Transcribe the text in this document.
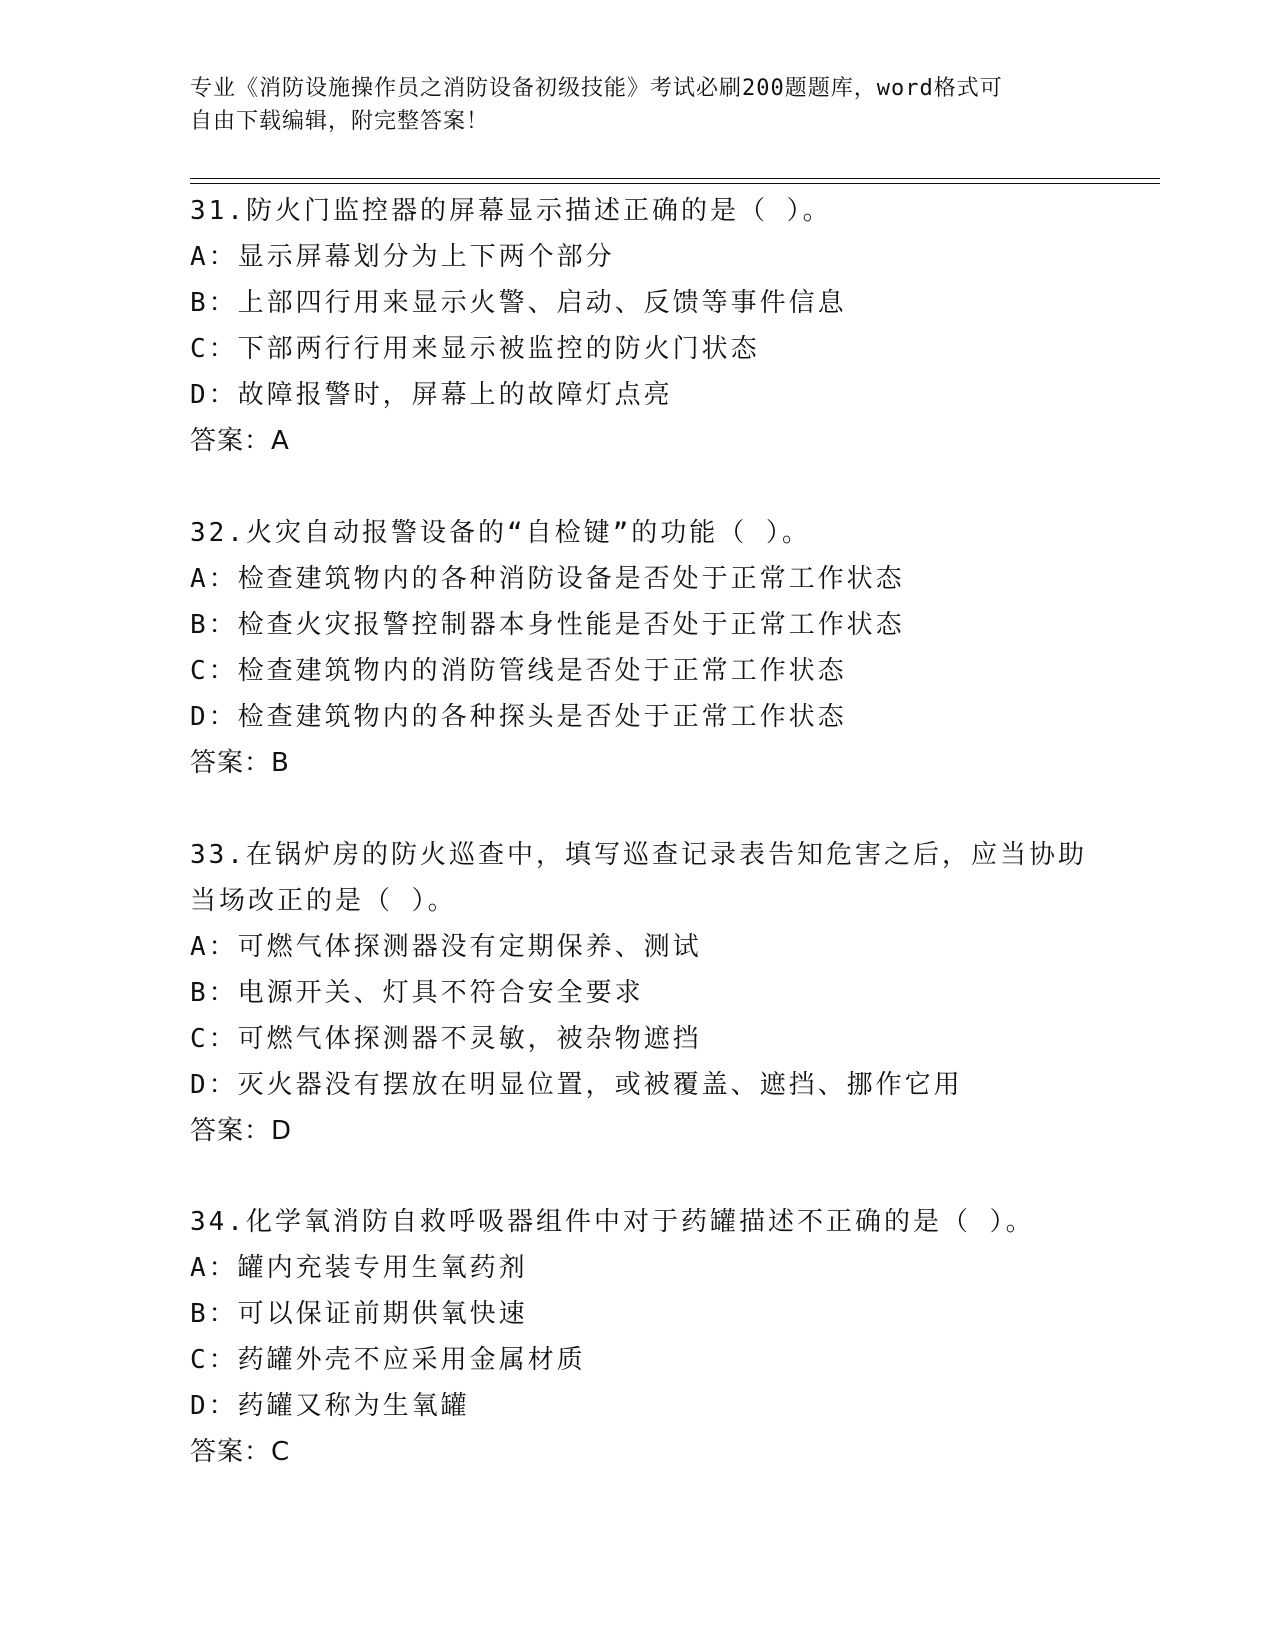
专业《消防设施操作员之消防设备初级技能》考试必刷200题题库，word格式可
自由下载编辑，附完整答案！
31.防火门监控器的屏幕显示描述正确的是（ ）。
A：显示屏幕划分为上下两个部分
B：上部四行用来显示火警、启动、反馈等事件信息
C：下部两行行用来显示被监控的防火门状态
D：故障报警时，屏幕上的故障灯点亮
答案：A
32.火灾自动报警设备的“自检键”的功能（ ）。
A：检查建筑物内的各种消防设备是否处于正常工作状态
B：检查火灾报警控制器本身性能是否处于正常工作状态
C：检查建筑物内的消防管线是否处于正常工作状态
D：检查建筑物内的各种探头是否处于正常工作状态
答案：B
33.在锅炉房的防火巡查中，填写巡查记录表告知危害之后，应当协助
当场改正的是（ ）。
A：可燃气体探测器没有定期保养、测试
B：电源开关、灯具不符合安全要求
C：可燃气体探测器不灵敏，被杂物遮挡
D：灭火器没有摆放在明显位置，或被覆盖、遮挡、挪作它用
答案：D
34.化学氧消防自救呼吸器组件中对于药罐描述不正确的是（ ）。
A：罐内充装专用生氧药剂
B：可以保证前期供氧快速
C：药罐外壳不应采用金属材质
D：药罐又称为生氧罐
答案：C
